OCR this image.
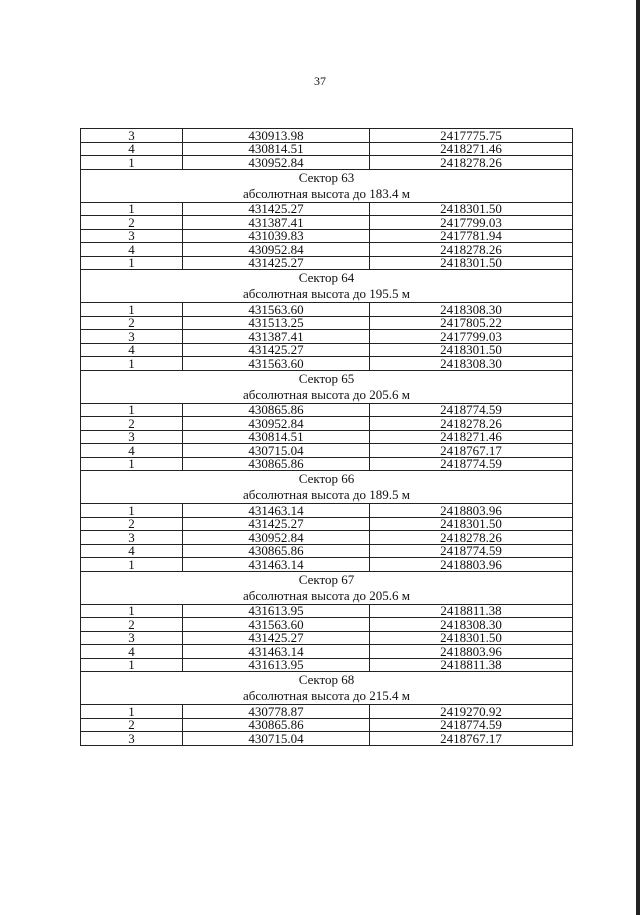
37
3	430913.98	2417775.75
4	430814.51	2418271.46
1	430952.84	2418278.26

Сектор 63
абсолютная высота до 183.4 м		

1	431425.27	2418301.50
2	431387.41	2417799.03
3	431039.83	2417781.94
4	430952.84	2418278.26
1	431425.27	2418301.50

Сектор 64
абсолютная высота до 195.5 м		

1	431563.60	2418308.30
2	431513.25	2417805.22
3	431387.41	2417799.03
4	431425.27	2418301.50
1	431563.60	2418308.30

Сектор 65
абсолютная высота до 205.6 м		

1	430865.86	2418774.59
2	430952.84	2418278.26
3	430814.51	2418271.46
4	430715.04	2418767.17
1	430865.86	2418774.59

Сектор 66
абсолютная высота до 189.5 м		

1	431463.14	2418803.96
2	431425.27	2418301.50
3	430952.84	2418278.26
4	430865.86	2418774.59
1	431463.14	2418803.96

Сектор 67
абсолютная высота до 205.6 м		

1	431613.95	2418811.38
2	431563.60	2418308.30
3	431425.27	2418301.50
4	431463.14	2418803.96
1	431613.95	2418811.38

Сектор 68
абсолютная высота до 215.4 м		

1	430778.87	2419270.92
2	430865.86	2418774.59
3	430715.04	2418767.17
